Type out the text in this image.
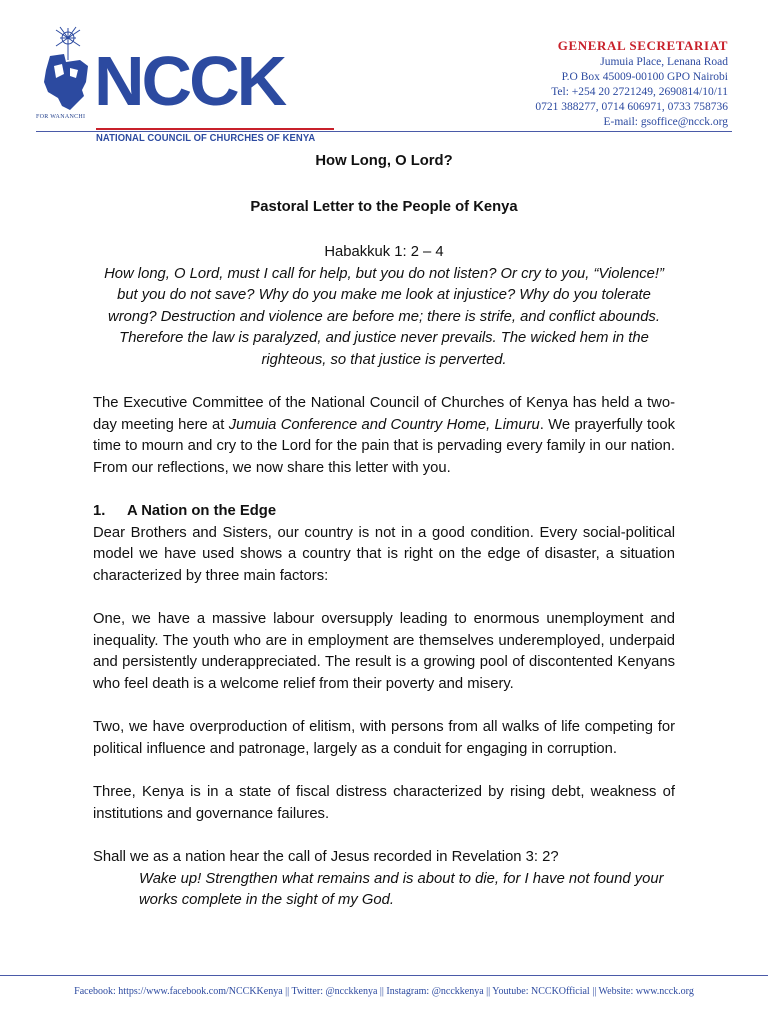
FOR WANANCHI NCCK
NATIONAL COUNCIL OF CHURCHES OF KENYA
GENERAL SECRETARIAT
Jumuia Place, Lenana Road
P.O Box 45009-00100 GPO Nairobi
Tel: +254 20 2721249, 2690814/10/11
0721 388277, 0714 606971, 0733 758736
E-mail: gsoffice@ncck.org

How Long, O Lord?

Pastoral Letter to the People of Kenya

Habakkuk 1: 2 – 4

How long, O Lord, must I call for help, but you do not listen? Or cry to you, “Violence!” but you do not save? Why do you make me look at injustice? Why do you tolerate wrong? Destruction and violence are before me; there is strife, and conflict abounds. Therefore the law is paralyzed, and justice never prevails. The wicked hem in the righteous, so that justice is perverted.

The Executive Committee of the National Council of Churches of Kenya has held a two-day meeting here at Jumuia Conference and Country Home, Limuru. We prayerfully took time to mourn and cry to the Lord for the pain that is pervading every family in our nation. From our reflections, we now share this letter with you.

1.	A Nation on the Edge

Dear Brothers and Sisters, our country is not in a good condition. Every social-political model we have used shows a country that is right on the edge of disaster, a situation characterized by three main factors:

One, we have a massive labour oversupply leading to enormous unemployment and inequality. The youth who are in employment are themselves underemployed, underpaid and persistently underappreciated. The result is a growing pool of discontented Kenyans who feel death is a welcome relief from their poverty and misery.

Two, we have overproduction of elitism, with persons from all walks of life competing for political influence and patronage, largely as a conduit for engaging in corruption.

Three, Kenya is in a state of fiscal distress characterized by rising debt, weakness of institutions and governance failures.

Shall we as a nation hear the call of Jesus recorded in Revelation 3: 2?

Wake up! Strengthen what remains and is about to die, for I have not found your works complete in the sight of my God.

Facebook: https://www.facebook.com/NCCKKenya || Twitter: @ncckkenya || Instagram: @ncckkenya || Youtube: NCCKOfficial || Website: www.ncck.org
